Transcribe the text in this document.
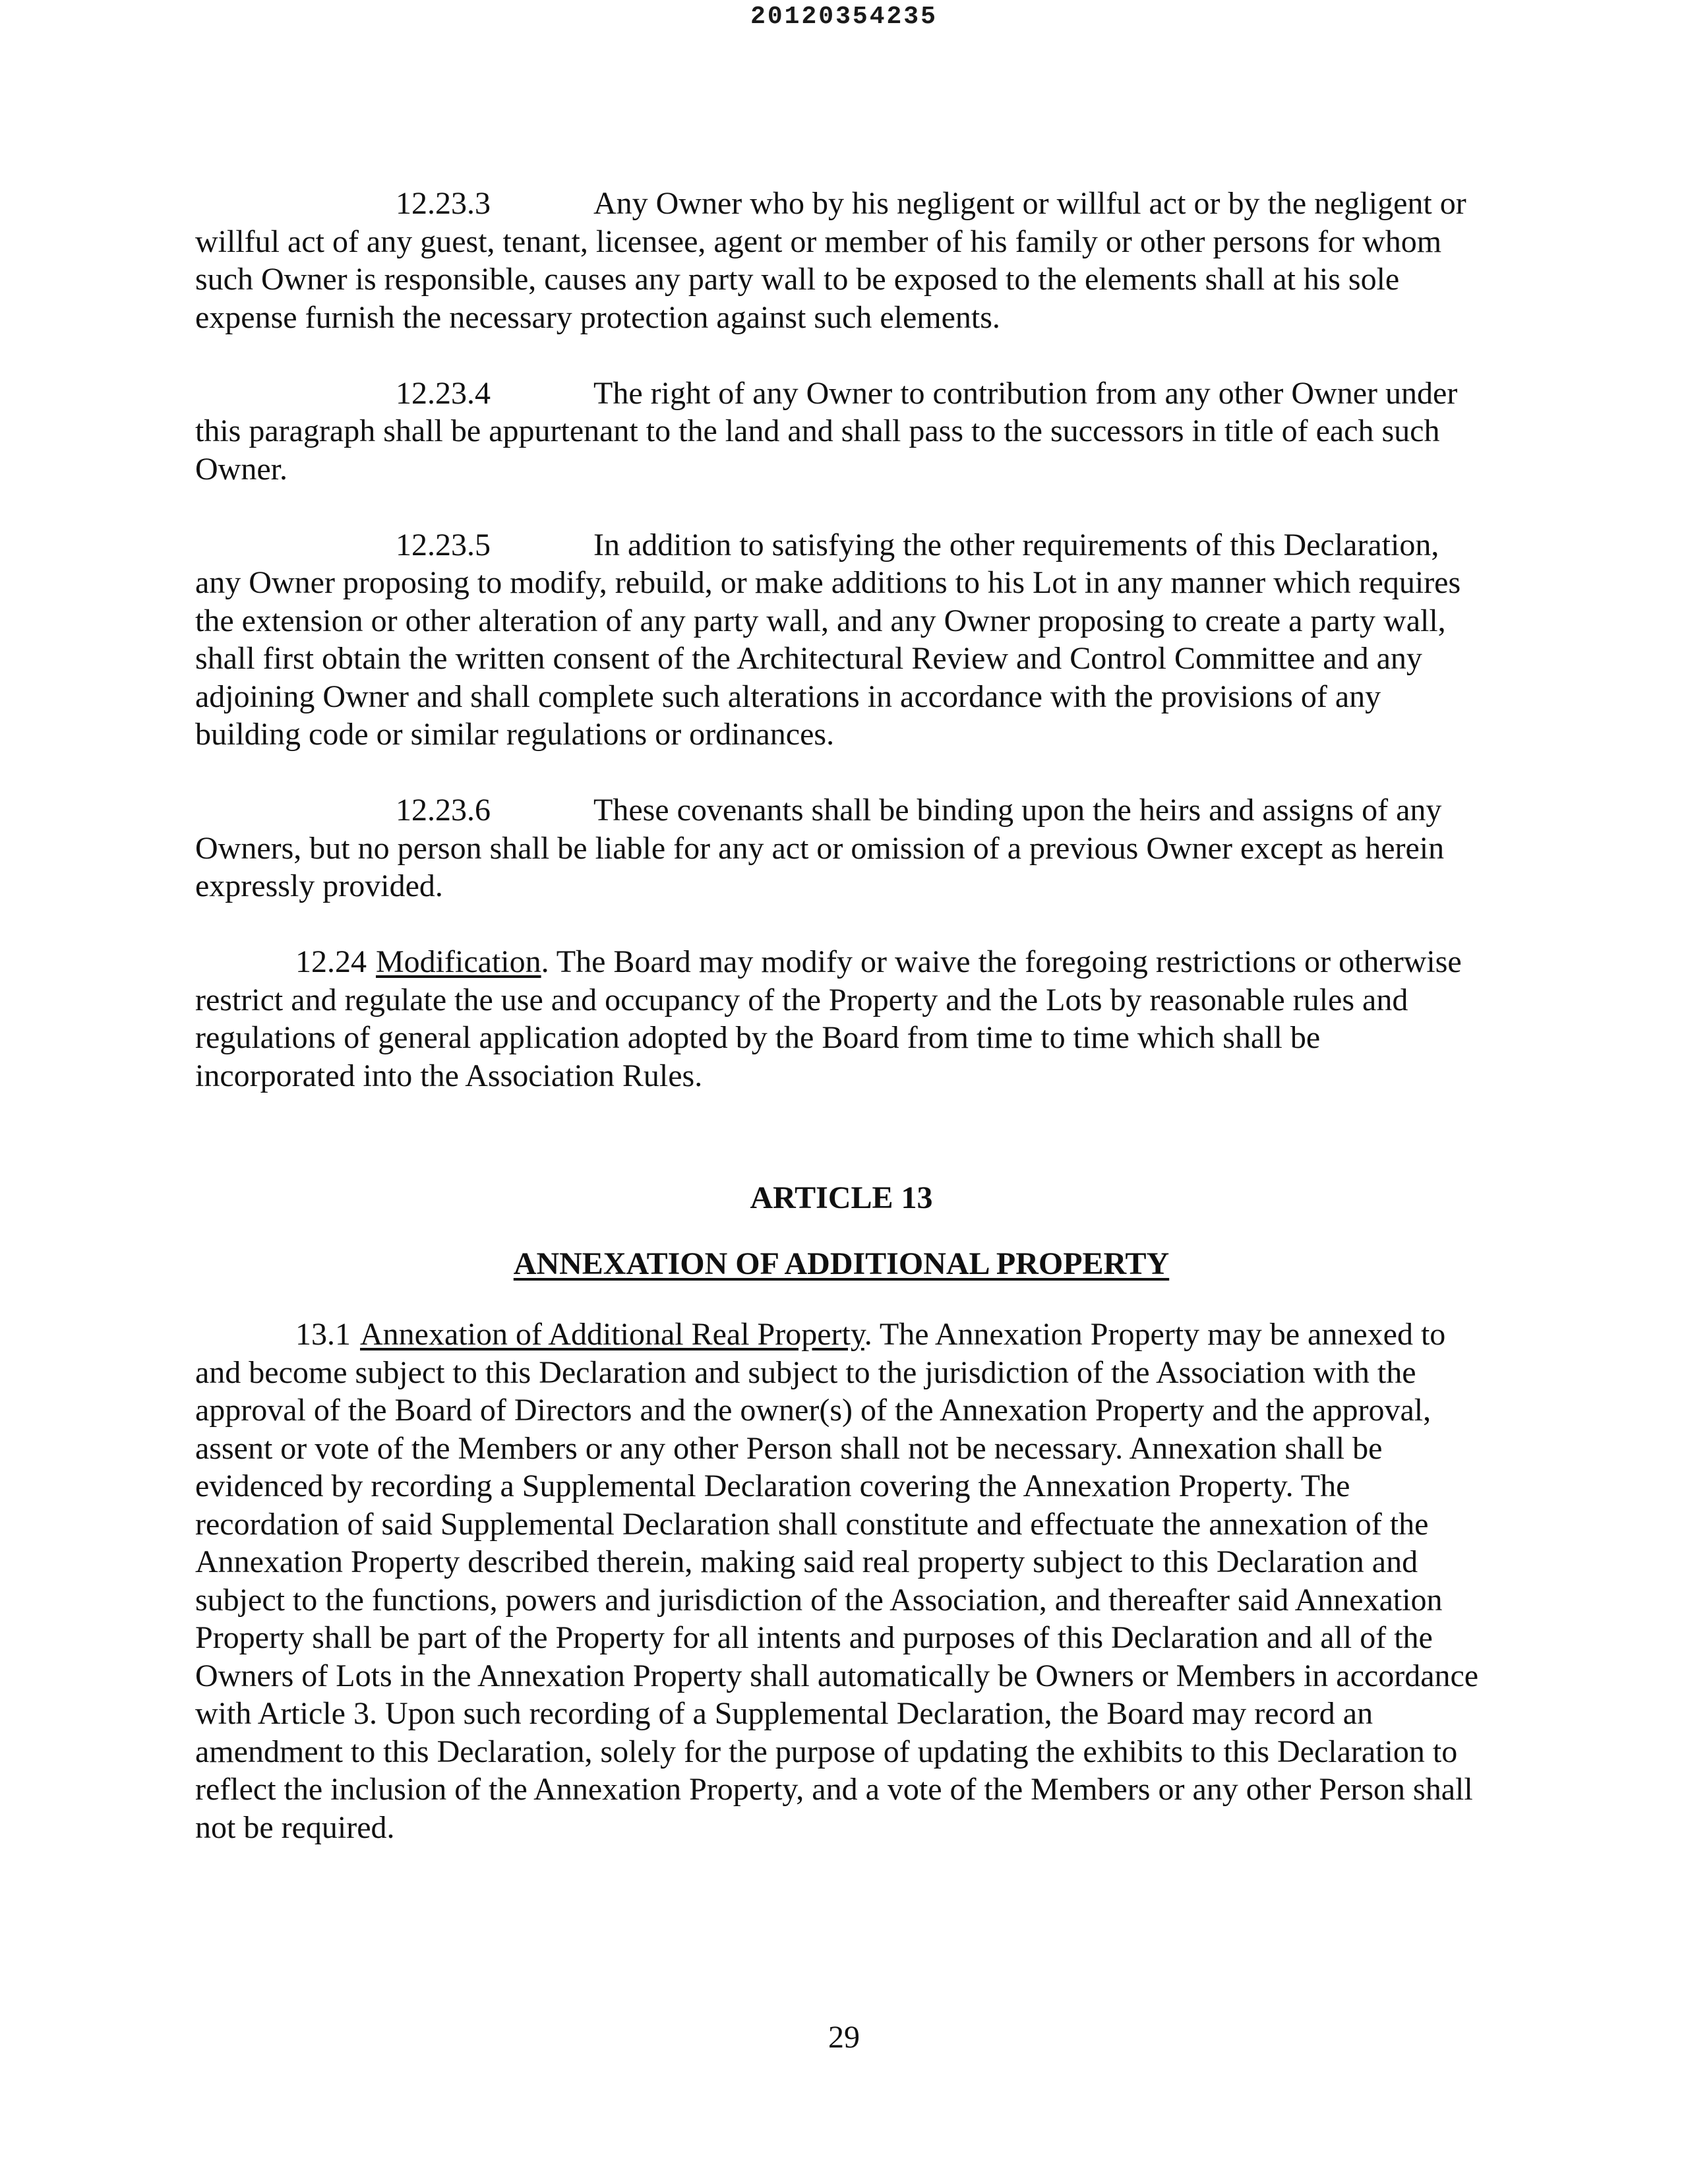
20120354235

12.23.3	Any Owner who by his negligent or willful act or by the negligent or willful act of any guest, tenant, licensee, agent or member of his family or other persons for whom such Owner is responsible, causes any party wall to be exposed to the elements shall at his sole expense furnish the necessary protection against such elements.

12.23.4	The right of any Owner to contribution from any other Owner under this paragraph shall be appurtenant to the land and shall pass to the successors in title of each such Owner.

12.23.5	In addition to satisfying the other requirements of this Declaration, any Owner proposing to modify, rebuild, or make additions to his Lot in any manner which requires the extension or other alteration of any party wall, and any Owner proposing to create a party wall, shall first obtain the written consent of the Architectural Review and Control Committee and any adjoining Owner and shall complete such alterations in accordance with the provisions of any building code or similar regulations or ordinances.

12.23.6	These covenants shall be binding upon the heirs and assigns of any Owners, but no person shall be liable for any act or omission of a previous Owner except as herein expressly provided.

12.24 Modification. The Board may modify or waive the foregoing restrictions or otherwise restrict and regulate the use and occupancy of the Property and the Lots by reasonable rules and regulations of general application adopted by the Board from time to time which shall be incorporated into the Association Rules.

ARTICLE 13

ANNEXATION OF ADDITIONAL PROPERTY

13.1 Annexation of Additional Real Property. The Annexation Property may be annexed to and become subject to this Declaration and subject to the jurisdiction of the Association with the approval of the Board of Directors and the owner(s) of the Annexation Property and the approval, assent or vote of the Members or any other Person shall not be necessary. Annexation shall be evidenced by recording a Supplemental Declaration covering the Annexation Property. The recordation of said Supplemental Declaration shall constitute and effectuate the annexation of the Annexation Property described therein, making said real property subject to this Declaration and subject to the functions, powers and jurisdiction of the Association, and thereafter said Annexation Property shall be part of the Property for all intents and purposes of this Declaration and all of the Owners of Lots in the Annexation Property shall automatically be Owners or Members in accordance with Article 3. Upon such recording of a Supplemental Declaration, the Board may record an amendment to this Declaration, solely for the purpose of updating the exhibits to this Declaration to reflect the inclusion of the Annexation Property, and a vote of the Members or any other Person shall not be required.

29
